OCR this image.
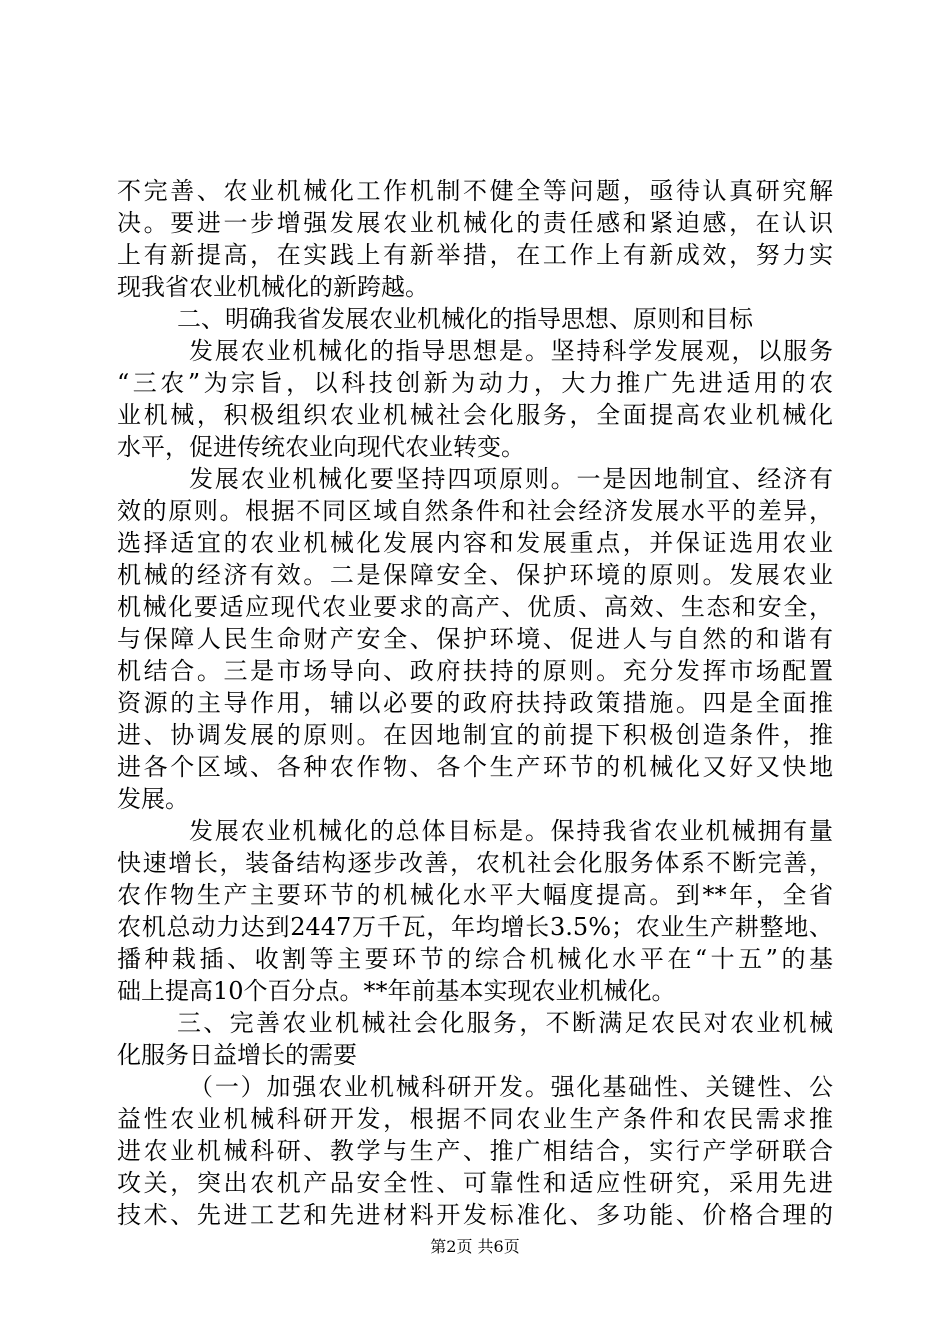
不完善、农业机械化工作机制不健全等问题，亟待认真研究解
决。要进一步增强发展农业机械化的责任感和紧迫感，在认识
上有新提高，在实践上有新举措，在工作上有新成效，努力实
现我省农业机械化的新跨越。
二、明确我省发展农业机械化的指导思想、原则和目标
发展农业机械化的指导思想是。坚持科学发展观，以服务
“三农”为宗旨，以科技创新为动力，大力推广先进适用的农
业机械，积极组织农业机械社会化服务，全面提高农业机械化
水平，促进传统农业向现代农业转变。
发展农业机械化要坚持四项原则。一是因地制宜、经济有
效的原则。根据不同区域自然条件和社会经济发展水平的差异，
选择适宜的农业机械化发展内容和发展重点，并保证选用农业
机械的经济有效。二是保障安全、保护环境的原则。发展农业
机械化要适应现代农业要求的高产、优质、高效、生态和安全，
与保障人民生命财产安全、保护环境、促进人与自然的和谐有
机结合。三是市场导向、政府扶持的原则。充分发挥市场配置
资源的主导作用，辅以必要的政府扶持政策措施。四是全面推
进、协调发展的原则。在因地制宜的前提下积极创造条件，推
进各个区域、各种农作物、各个生产环节的机械化又好又快地
发展。
发展农业机械化的总体目标是。保持我省农业机械拥有量
快速增长，装备结构逐步改善，农机社会化服务体系不断完善，
农作物生产主要环节的机械化水平大幅度提高。到**年，全省
农机总动力达到2447万千瓦，年均增长3.5%；农业生产耕整地、
播种栽插、收割等主要环节的综合机械化水平在“十五”的基
础上提高10个百分点。**年前基本实现农业机械化。
三、完善农业机械社会化服务，不断满足农民对农业机械
化服务日益增长的需要
（一）加强农业机械科研开发。强化基础性、关键性、公
益性农业机械科研开发，根据不同农业生产条件和农民需求推
进农业机械科研、教学与生产、推广相结合，实行产学研联合
攻关，突出农机产品安全性、可靠性和适应性研究，采用先进
技术、先进工艺和先进材料开发标准化、多功能、价格合理的
第2页 共6页
